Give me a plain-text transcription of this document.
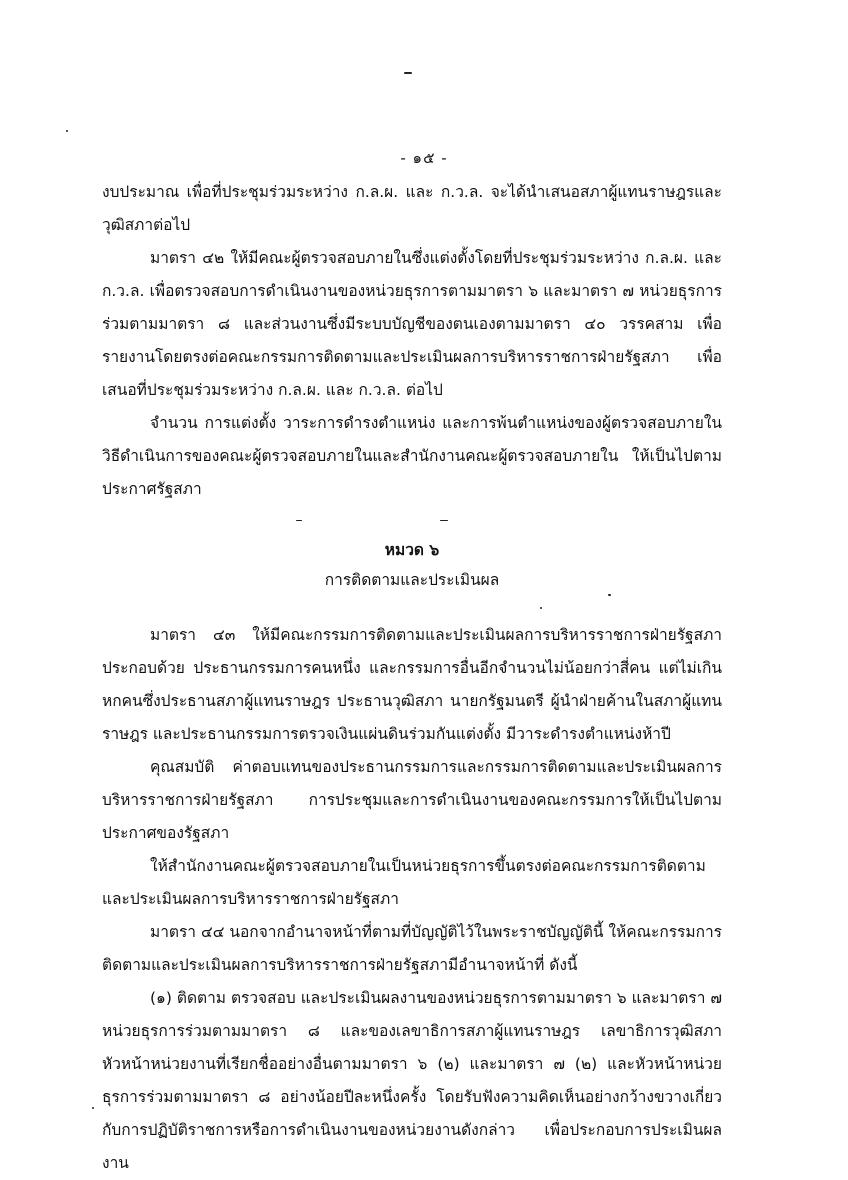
- ๑๕ -

งบประมาณ เพื่อที่ประชุมร่วมระหว่าง ก.ล.ผ. และ ก.ว.ล. จะได้นำเสนอสภาผู้แทนราษฎรและวุฒิสภาต่อไป

มาตรา ๔๒ ให้มีคณะผู้ตรวจสอบภายในซึ่งแต่งตั้งโดยที่ประชุมร่วมระหว่าง ก.ล.ผ. และ ก.ว.ล. เพื่อตรวจสอบการดำเนินงานของหน่วยธุรการตามมาตรา ๖ และมาตรา ๗ หน่วยธุรการร่วมตามมาตรา ๘ และส่วนงานซึ่งมีระบบบัญชีของตนเองตามมาตรา ๔๐ วรรคสาม เพื่อรายงานโดยตรงต่อคณะกรรมการติดตามและประเมินผลการบริหารราชการฝ่ายรัฐสภา เพื่อเสนอที่ประชุมร่วมระหว่าง ก.ล.ผ. และ ก.ว.ล. ต่อไป

จำนวน การแต่งตั้ง วาระการดำรงตำแหน่ง และการพ้นตำแหน่งของผู้ตรวจสอบภายในวิธีดำเนินการของคณะผู้ตรวจสอบภายในและสำนักงานคณะผู้ตรวจสอบภายใน ให้เป็นไปตามประกาศรัฐสภา

หมวด ๖

การติดตามและประเมินผล

มาตรา ๔๓ ให้มีคณะกรรมการติดตามและประเมินผลการบริหารราชการฝ่ายรัฐสภาประกอบด้วย ประธานกรรมการคนหนึ่ง และกรรมการอื่นอีกจำนวนไม่น้อยกว่าสี่คน แต่ไม่เกินหกคนซึ่งประธานสภาผู้แทนราษฎร ประธานวุฒิสภา นายกรัฐมนตรี ผู้นำฝ่ายค้านในสภาผู้แทนราษฎร และประธานกรรมการตรวจเงินแผ่นดินร่วมกันแต่งตั้ง มีวาระดำรงตำแหน่งห้าปี

คุณสมบัติ ค่าตอบแทนของประธานกรรมการและกรรมการติดตามและประเมินผลการบริหารราชการฝ่ายรัฐสภา การประชุมและการดำเนินงานของคณะกรรมการให้เป็นไปตามประกาศของรัฐสภา

ให้สำนักงานคณะผู้ตรวจสอบภายในเป็นหน่วยธุรการขึ้นตรงต่อคณะกรรมการติดตามและประเมินผลการบริหารราชการฝ่ายรัฐสภา

มาตรา ๔๔ นอกจากอำนาจหน้าที่ตามที่บัญญัติไว้ในพระราชบัญญัตินี้ ให้คณะกรรมการติดตามและประเมินผลการบริหารราชการฝ่ายรัฐสภามีอำนาจหน้าที่ ดังนี้

(๑) ติดตาม ตรวจสอบ และประเมินผลงานของหน่วยธุรการตามมาตรา ๖ และมาตรา ๗ หน่วยธุรการร่วมตามมาตรา ๘ และของเลขาธิการสภาผู้แทนราษฎร เลขาธิการวุฒิสภา หัวหน้าหน่วยงานที่เรียกชื่ออย่างอื่นตามมาตรา ๖ (๒) และมาตรา ๗ (๒) และหัวหน้าหน่วยธุรการร่วมตามมาตรา ๘ อย่างน้อยปีละหนึ่งครั้ง โดยรับฟังความคิดเห็นอย่างกว้างขวางเกี่ยวกับการปฏิบัติราชการหรือการดำเนินงานของหน่วยงานดังกล่าว เพื่อประกอบการประเมินผลงาน
